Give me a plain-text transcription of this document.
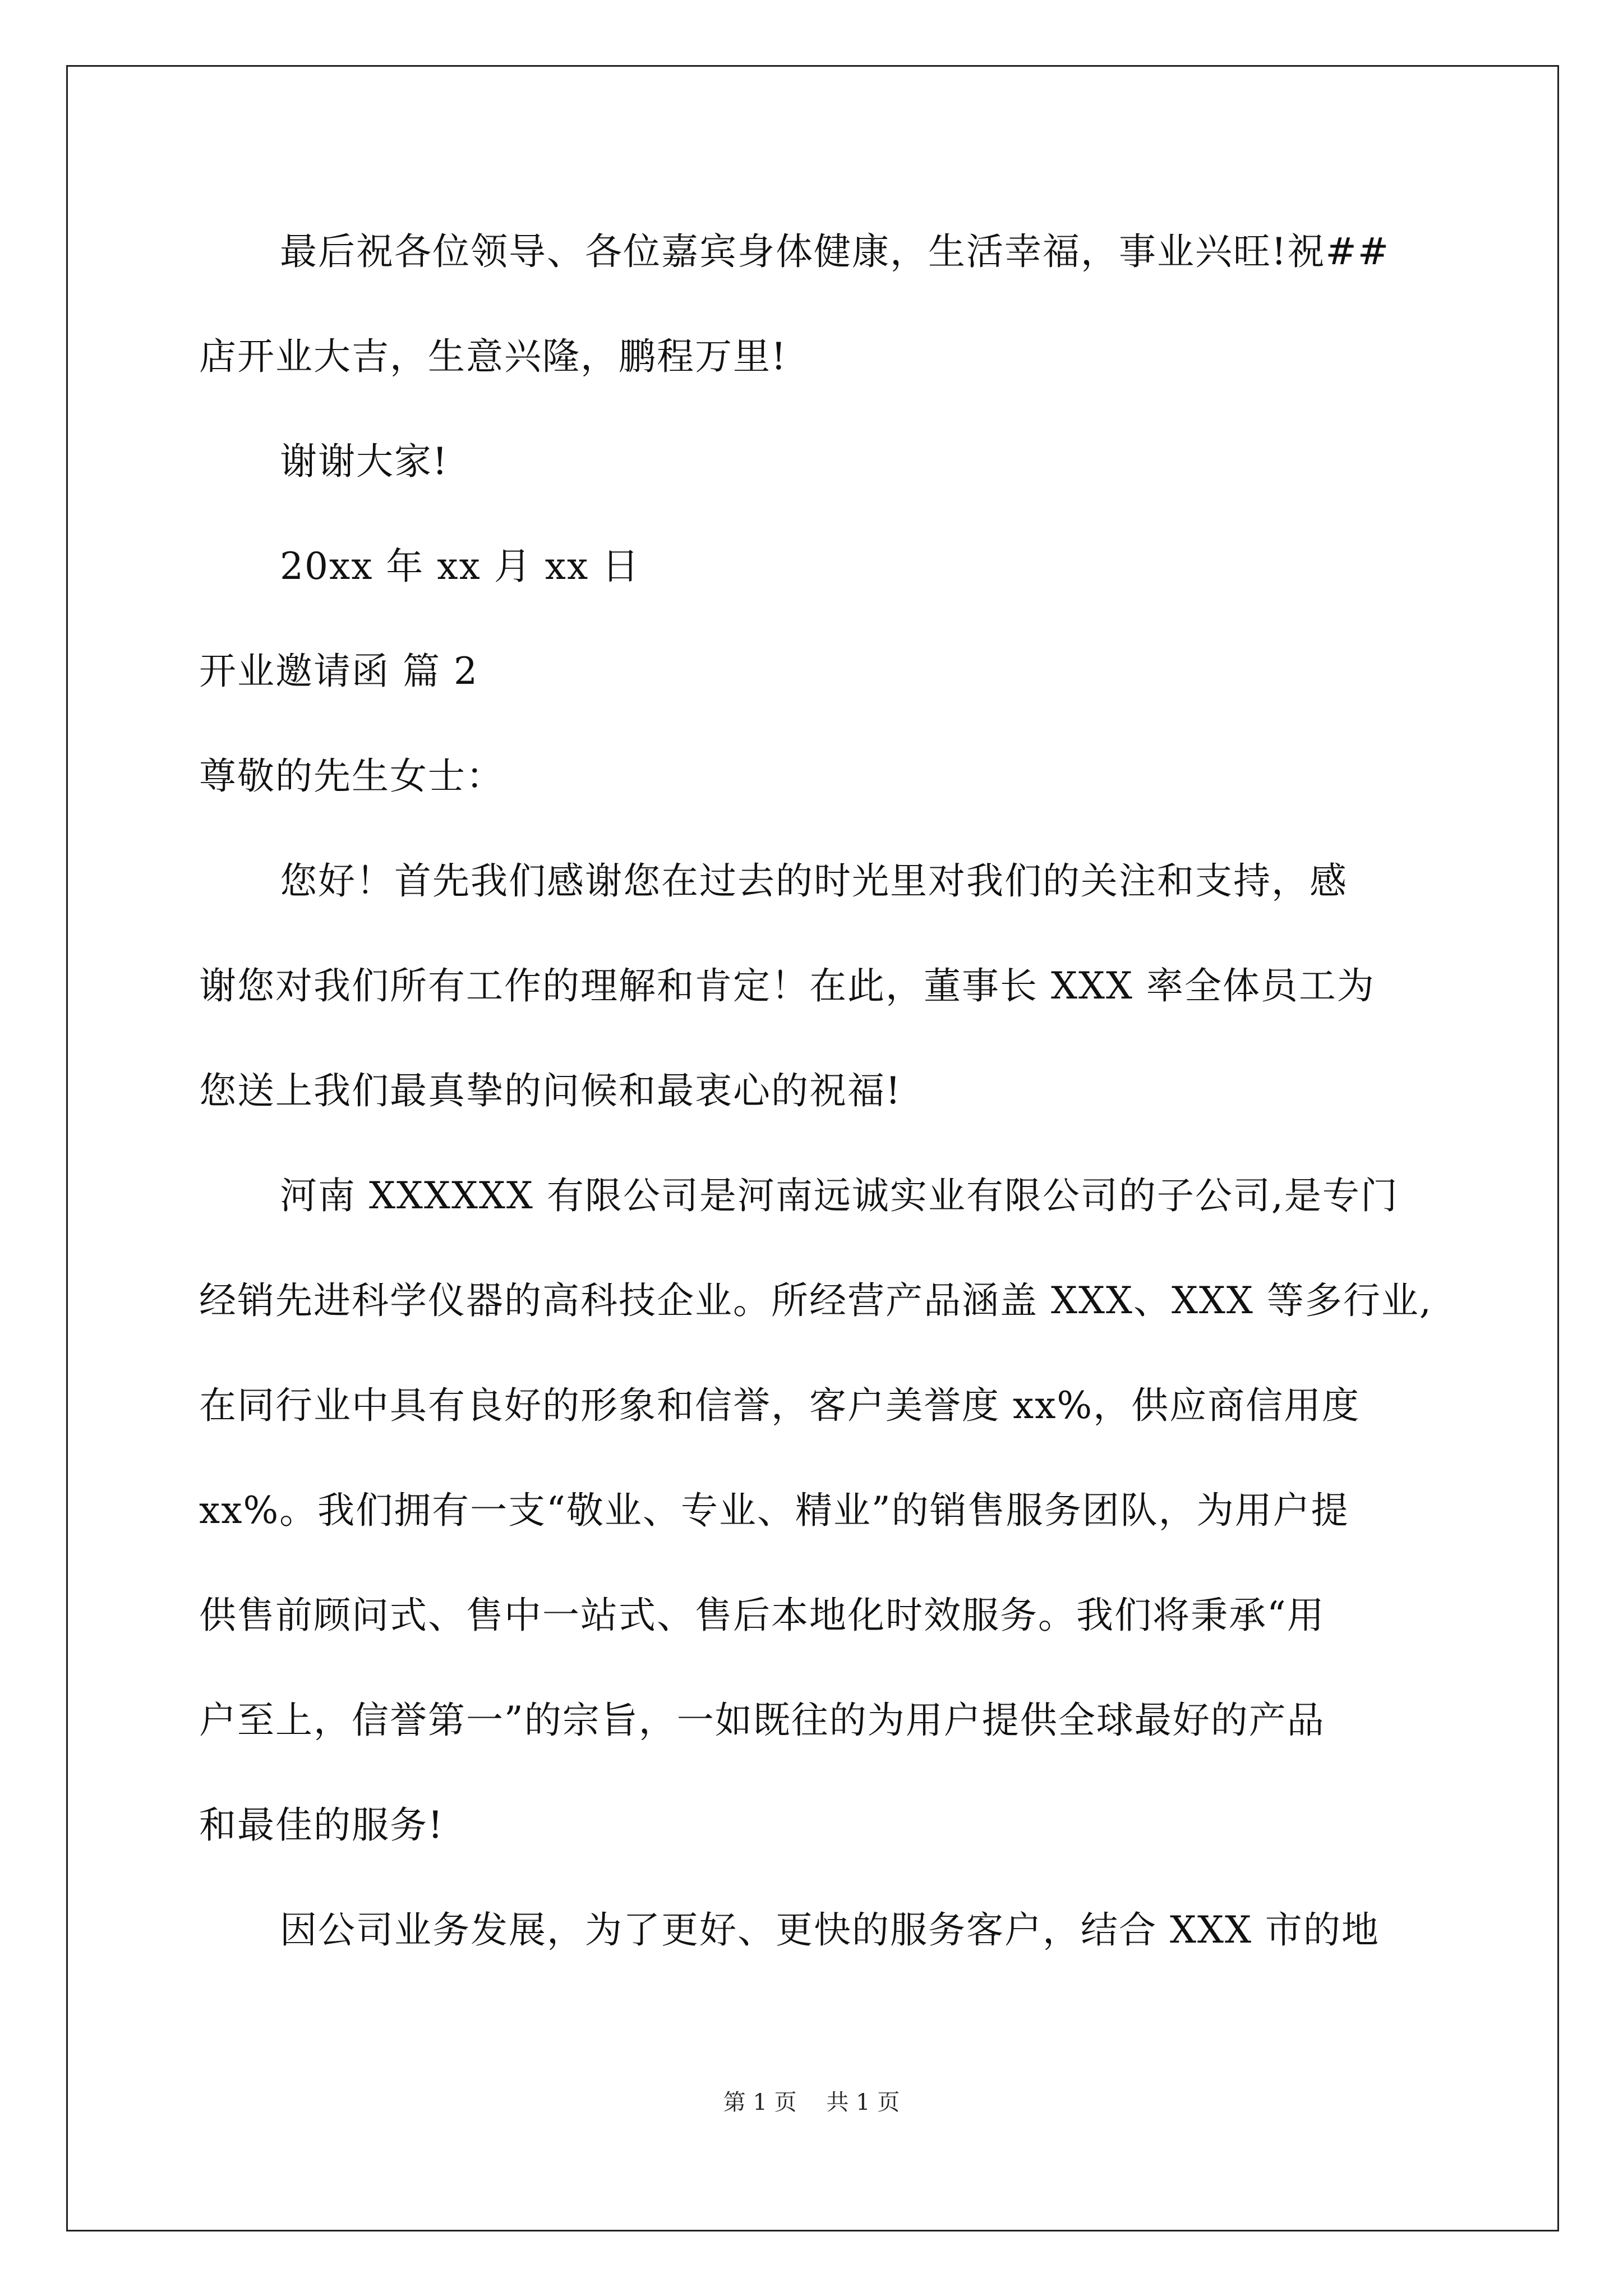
最后祝各位领导、各位嘉宾身体健康，生活幸福，事业兴旺!祝##
店开业大吉，生意兴隆，鹏程万里!
谢谢大家!
20xx 年 xx 月 xx 日
开业邀请函 篇 2
尊敬的先生女士：
您好！首先我们感谢您在过去的时光里对我们的关注和支持，感
谢您对我们所有工作的理解和肯定！在此，董事长 XXX 率全体员工为
您送上我们最真挚的问候和最衷心的祝福!
河南 XXXXXX 有限公司是河南远诚实业有限公司的子公司,是专门
经销先进科学仪器的高科技企业。所经营产品涵盖 XXX、XXX 等多行业,
在同行业中具有良好的形象和信誉，客户美誉度 xx%，供应商信用度
xx%。我们拥有一支“敬业、专业、精业”的销售服务团队，为用户提
供售前顾问式、售中一站式、售后本地化时效服务。我们将秉承“用
户至上，信誉第一”的宗旨，一如既往的为用户提供全球最好的产品
和最佳的服务!
因公司业务发展，为了更好、更快的服务客户，结合 XXX 市的地
第 1 页 共 1 页
